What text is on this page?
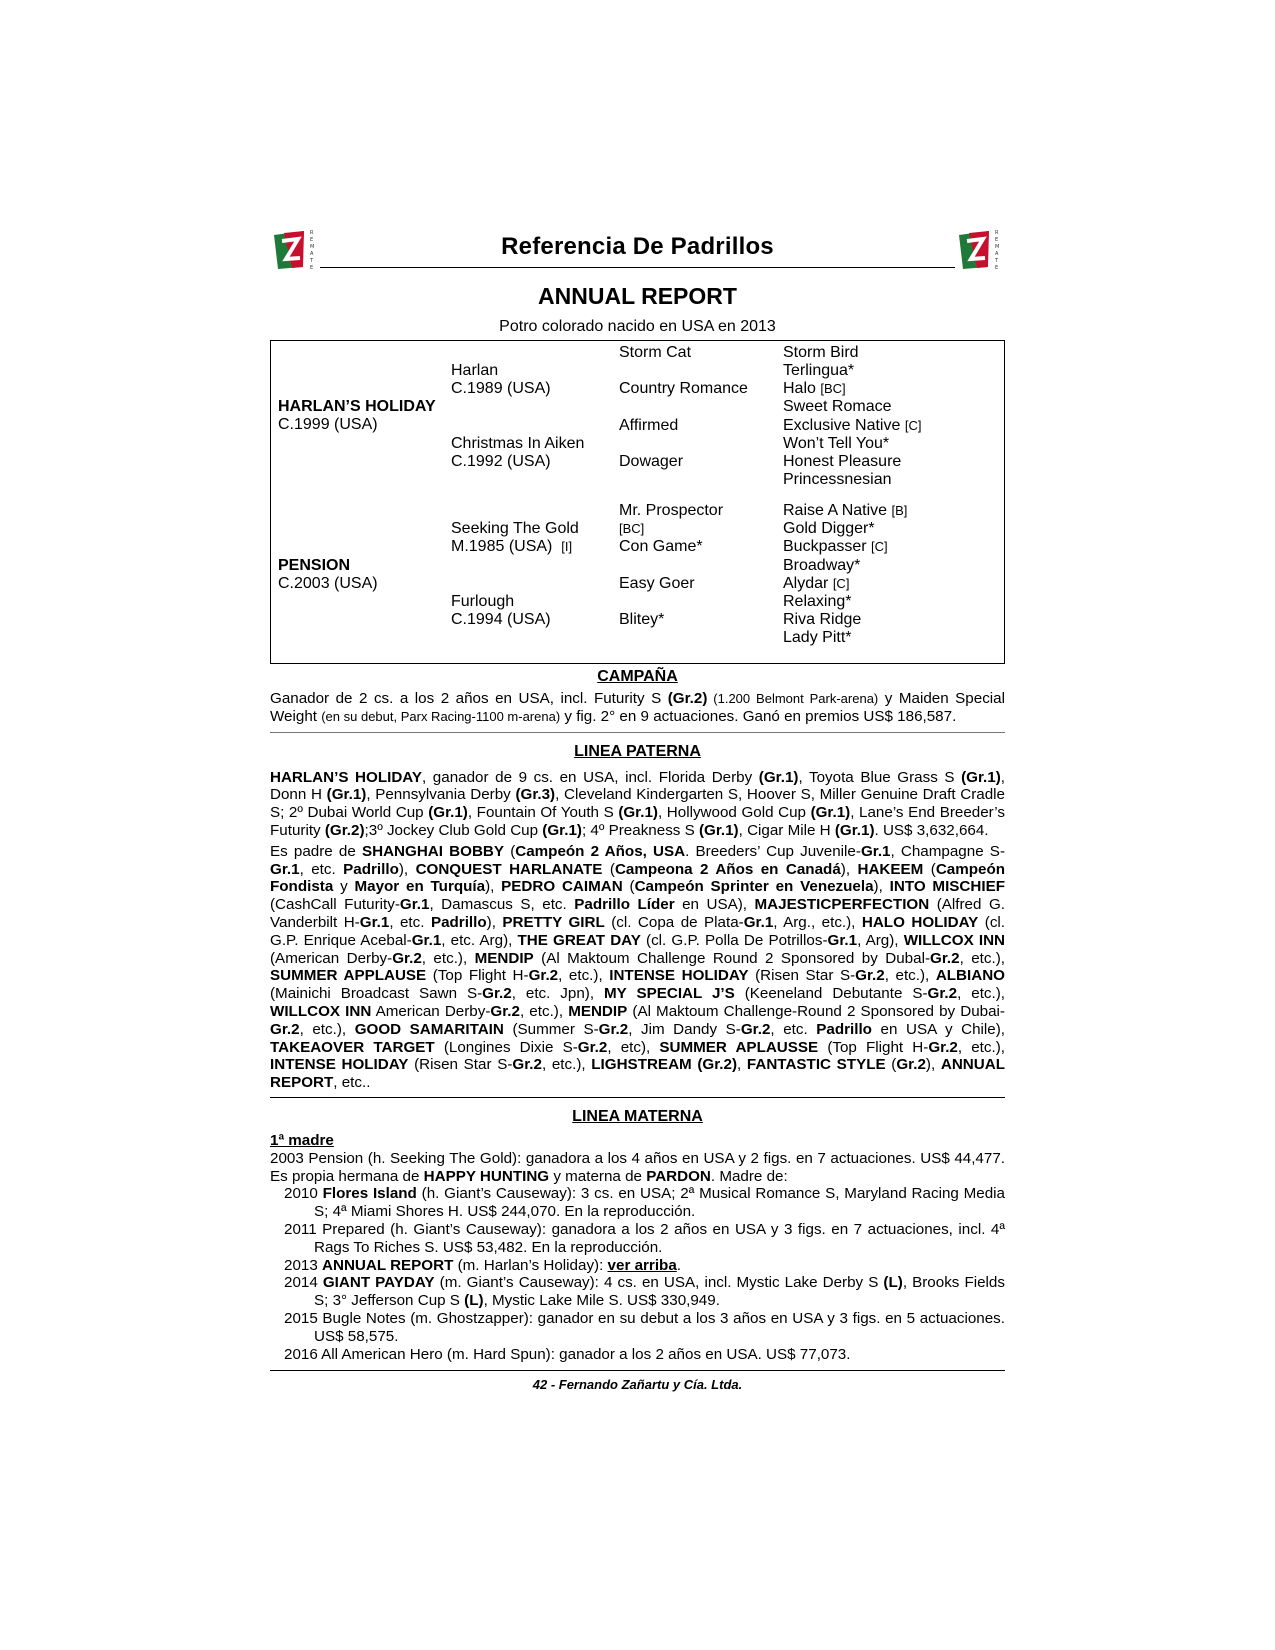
R
E
M
A
T
E
Referencia De Padrillos	R
E
M
A
T
E
ANNUAL REPORT
Potro colorado nacido en USA en 2013
HARLAN’S HOLIDAY
C.1999 (USA)
PENSION
C.2003 (USA)
Harlan
C.1989 (USA)
Christmas In Aiken
C.1992 (USA)
Seeking The Gold
M.1985 (USA) [I]
Furlough
C.1994 (USA)
Storm Cat
Country Romance
Affirmed
Dowager
Mr. Prospector
[BC]
Con Game*
Easy Goer
Blitey*
Storm Bird
Terlingua*
Halo [BC]
Sweet Romace
Exclusive Native [C]
Won’t Tell You*
Honest Pleasure
Princessnesian
Raise A Native [B]
Gold Digger*
Buckpasser [C]
Broadway*
Alydar [C]
Relaxing*
Riva Ridge
Lady Pitt*
CAMPAÑA
Ganador de 2 cs. a los 2 años en USA, incl. Futurity S (Gr.2) (1.200 Belmont Park-arena) y Maiden Special Weight (en su debut, Parx Racing-1100 m-arena) y fig. 2° en 9 actuaciones. Ganó en premios US$ 186,587.
LINEA PATERNA
HARLAN’S HOLIDAY, ganador de 9 cs. en USA, incl. Florida Derby (Gr.1), Toyota Blue Grass S (Gr.1), Donn H (Gr.1), Pennsylvania Derby (Gr.3), Cleveland Kindergarten S, Hoover S, Miller Genuine Draft Cradle S; 2º Dubai World Cup (Gr.1), Fountain Of Youth S (Gr.1), Hollywood Gold Cup (Gr.1), Lane’s End Breeder’s Futurity (Gr.2);3º Jockey Club Gold Cup (Gr.1); 4º Preakness S (Gr.1), Cigar Mile H (Gr.1). US$ 3,632,664.
Es padre de SHANGHAI BOBBY (Campeón 2 Años, USA. Breeders’ Cup Juvenile-Gr.1, Champagne S-Gr.1, etc. Padrillo), CONQUEST HARLANATE (Campeona 2 Años en Canadá), HAKEEM (Campeón Fondista y Mayor en Turquía), PEDRO CAIMAN (Campeón Sprinter en Venezuela), INTO MISCHIEF (CashCall Futurity-Gr.1, Damascus S, etc. Padrillo Líder en USA), MAJESTICPERFECTION (Alfred G. Vanderbilt H-Gr.1, etc. Padrillo), PRETTY GIRL (cl. Copa de Plata-Gr.1, Arg., etc.), HALO HOLIDAY (cl. G.P. Enrique Acebal-Gr.1, etc. Arg), THE GREAT DAY (cl. G.P. Polla De Potrillos-Gr.1, Arg), WILLCOX INN (American Derby-Gr.2, etc.), MENDIP (Al Maktoum Challenge Round 2 Sponsored by Dubal-Gr.2, etc.), SUMMER APPLAUSE (Top Flight H-Gr.2, etc.), INTENSE HOLIDAY (Risen Star S-Gr.2, etc.), ALBIANO (Mainichi Broadcast Sawn S-Gr.2, etc. Jpn), MY SPECIAL J’S (Keeneland Debutante S-Gr.2, etc.), WILLCOX INN American Derby-Gr.2, etc.), MENDIP (Al Maktoum Challenge-Round 2 Sponsored by Dubai-Gr.2, etc.), GOOD SAMARITAIN (Summer S-Gr.2, Jim Dandy S-Gr.2, etc. Padrillo en USA y Chile), TAKEAOVER TARGET (Longines Dixie S-Gr.2, etc), SUMMER APLAUSSE (Top Flight H-Gr.2, etc.), INTENSE HOLIDAY (Risen Star S-Gr.2, etc.), LIGHSTREAM (Gr.2), FANTASTIC STYLE (Gr.2), ANNUAL REPORT, etc..
LINEA MATERNA
1ª madre
2003 Pension (h. Seeking The Gold): ganadora a los 4 años en USA y 2 figs. en 7 actuaciones. US$ 44,477. Es propia hermana de HAPPY HUNTING y materna de PARDON. Madre de:
2010 Flores Island (h. Giant’s Causeway): 3 cs. en USA; 2ª Musical Romance S, Maryland Racing Media S; 4ª Miami Shores H. US$ 244,070. En la reproducción.
2011 Prepared (h. Giant’s Causeway): ganadora a los 2 años en USA y 3 figs. en 7 actuaciones, incl. 4ª Rags To Riches S. US$ 53,482. En la reproducción.
2013 ANNUAL REPORT (m. Harlan’s Holiday): ver arriba.
2014 GIANT PAYDAY (m. Giant’s Causeway): 4 cs. en USA, incl. Mystic Lake Derby S (L), Brooks Fields S; 3° Jefferson Cup S (L), Mystic Lake Mile S. US$ 330,949.
2015 Bugle Notes (m. Ghostzapper): ganador en su debut a los 3 años en USA y 3 figs. en 5 actuaciones. US$ 58,575.
2016 All American Hero (m. Hard Spun): ganador a los 2 años en USA. US$ 77,073.
42 - Fernando Zañartu y Cía. Ltda.
